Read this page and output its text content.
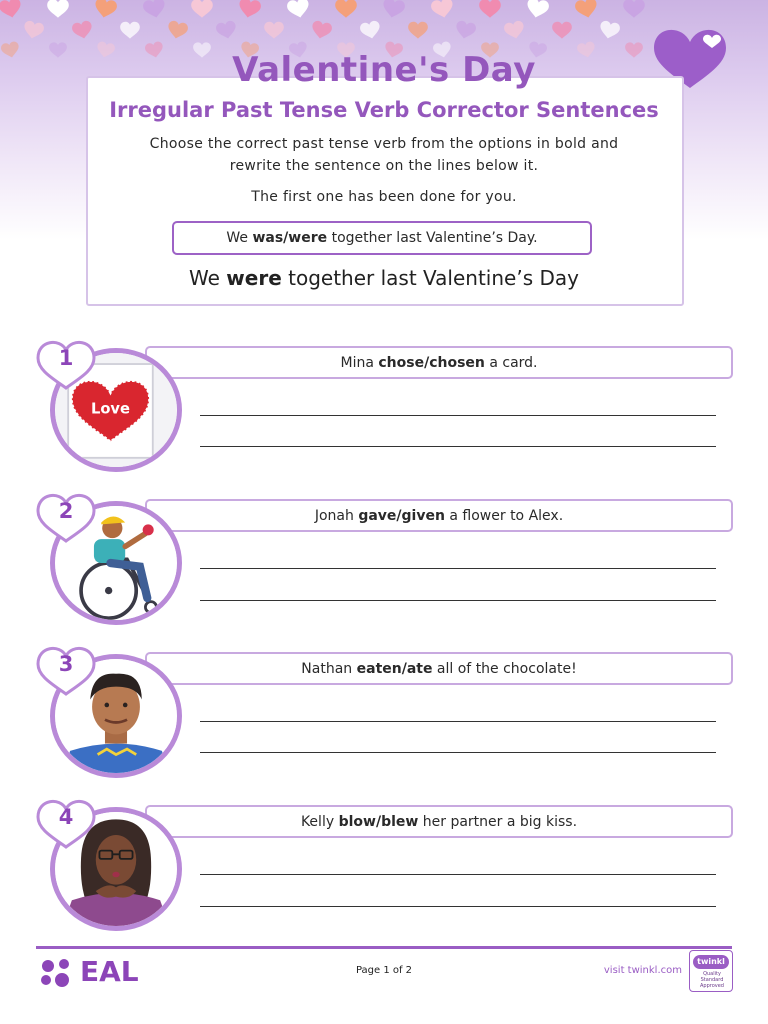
Valentine's Day
Irregular Past Tense Verb Corrector Sentences
Choose the correct past tense verb from the options in bold and
rewrite the sentence on the lines below it.
The first one has been done for you.
We was/were together last Valentine’s Day.
We were together last Valentine’s Day
Mina chose/chosen a card.
Love
1
Jonah gave/given a flower to Alex.
2
Nathan eaten/ate all of the chocolate!
3
Kelly blow/blew her partner a big kiss.
4
EAL	Page 1 of 2	visit twinkl.com
twinkl
Quality Standard Approved
